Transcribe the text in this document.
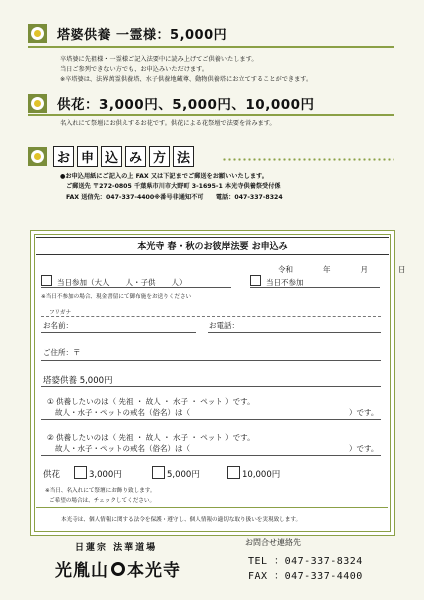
塔婆供養 一霊様：5,000円
卒塔婆に先祖様・一霊様ご記入法要中に読み上げてご供養いたします。
当日ご参列できない方でも、お申込みいただけます。
※卒塔婆は、法界萬霊供養塔、水子供養地蔵尊、動物供養塔にお立てすることができます。
供花：3,000円、5,000円、10,000円
名入れにて祭壇にお供えするお花です。供花による花祭壇で法要を営みます。
お 申 込 み 方 法
●お申込用紙にご記入の上 FAX 又は下記までご郵送をお願いいたします。
ご郵送先 〒272-0805 千葉県市川市大野町 3-1695-1 本光寺供養祭受付係
FAX 送信先：047-337-4400※番号非通知不可　　電話：047-337-8324
本光寺 春・秋のお彼岸法要 お申込み
令和	年	月	日
当日参加（大人 人・子供 人）	当日不参加
※当日不参加の場合、現金書留にて御布施をお送りください
フリガナ
お名前：	お電話：
ご住所：〒
塔婆供養 5,000円
① 供養したいのは（ 先祖 ・ 故人 ・ 水子 ・ ペット ）です。
故人・水子・ペットの戒名（俗名）は（	）です。
② 供養したいのは（ 先祖 ・ 故人 ・ 水子 ・ ペット ）です。
故人・水子・ペットの戒名（俗名）は（	）です。
供花	3,000円	5,000円	10,000円
※当日、名入れにて祭壇にお飾り致します。
ご希望の場合は、チェックしてください。
本光寺は、個人情報に関する法令を保護・遵守し、個人情報の適切な取り扱いを実現致します。
日蓮宗 法華道場
光胤山 本光寺
お問合せ連絡先
TEL ：047-337-8324
FAX ：047-337-4400
